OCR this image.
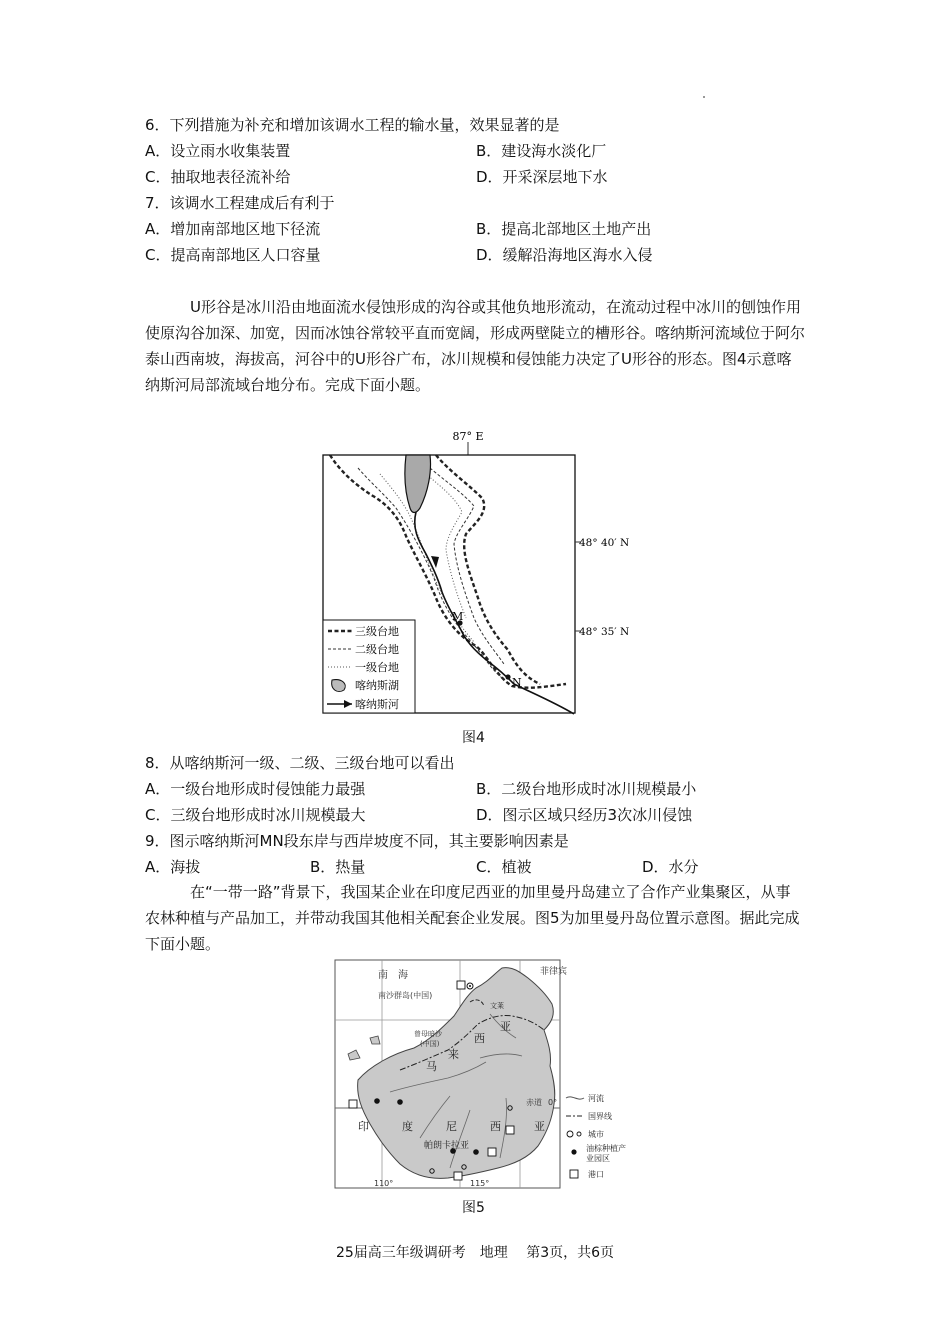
6．下列措施为补充和增加该调水工程的输水量，效果显著的是
A．设立雨水收集装置	B．建设海水淡化厂
C．抽取地表径流补给	D．开采深层地下水
7．该调水工程建成后有利于
A．增加南部地区地下径流	B．提高北部地区土地产出
C．提高南部地区人口容量	D．缓解沿海地区海水入侵
U形谷是冰川沿由地面流水侵蚀形成的沟谷或其他负地形流动，在流动过程中冰川的刨蚀作用使原沟谷加深、加宽，因而冰蚀谷常较平直而宽阔，形成两壁陡立的槽形谷。喀纳斯河流域位于阿尔泰山西南坡，海拔高，河谷中的U形谷广布，冰川规模和侵蚀能力决定了U形谷的形态。图4示意喀纳斯河局部流域台地分布。完成下面小题。
87° E
M
N
48° 40′ N
48° 35′ N
三级台地
二级台地
一级台地
喀纳斯湖
喀纳斯河
图4
8．从喀纳斯河一级、二级、三级台地可以看出
A．一级台地形成时侵蚀能力最强	B．二级台地形成时冰川规模最小
C．三级台地形成时冰川规模最大	D．图示区域只经历3次冰川侵蚀
9．图示喀纳斯河MN段东岸与西岸坡度不同，其主要影响因素是
A．海拔	B．热量	C．植被	D．水分
在“一带一路”背景下，我国某企业在印度尼西亚的加里曼丹岛建立了合作产业集聚区，从事农林种植与产品加工，并带动我国其他相关配套企业发展。图5为加里曼丹岛位置示意图。据此完成下面小题。
南　海
南沙群岛(中国)
菲律宾
曾母暗沙
(中国)
马
来
西
亚
文莱
印	度	尼	西	亚
帕朗卡拉亚
赤道 0°
110°	115°
河流
国界线
城市
油棕种植产业园区
港口
图5
25届高三年级调研考　地理　 第3页，共6页
